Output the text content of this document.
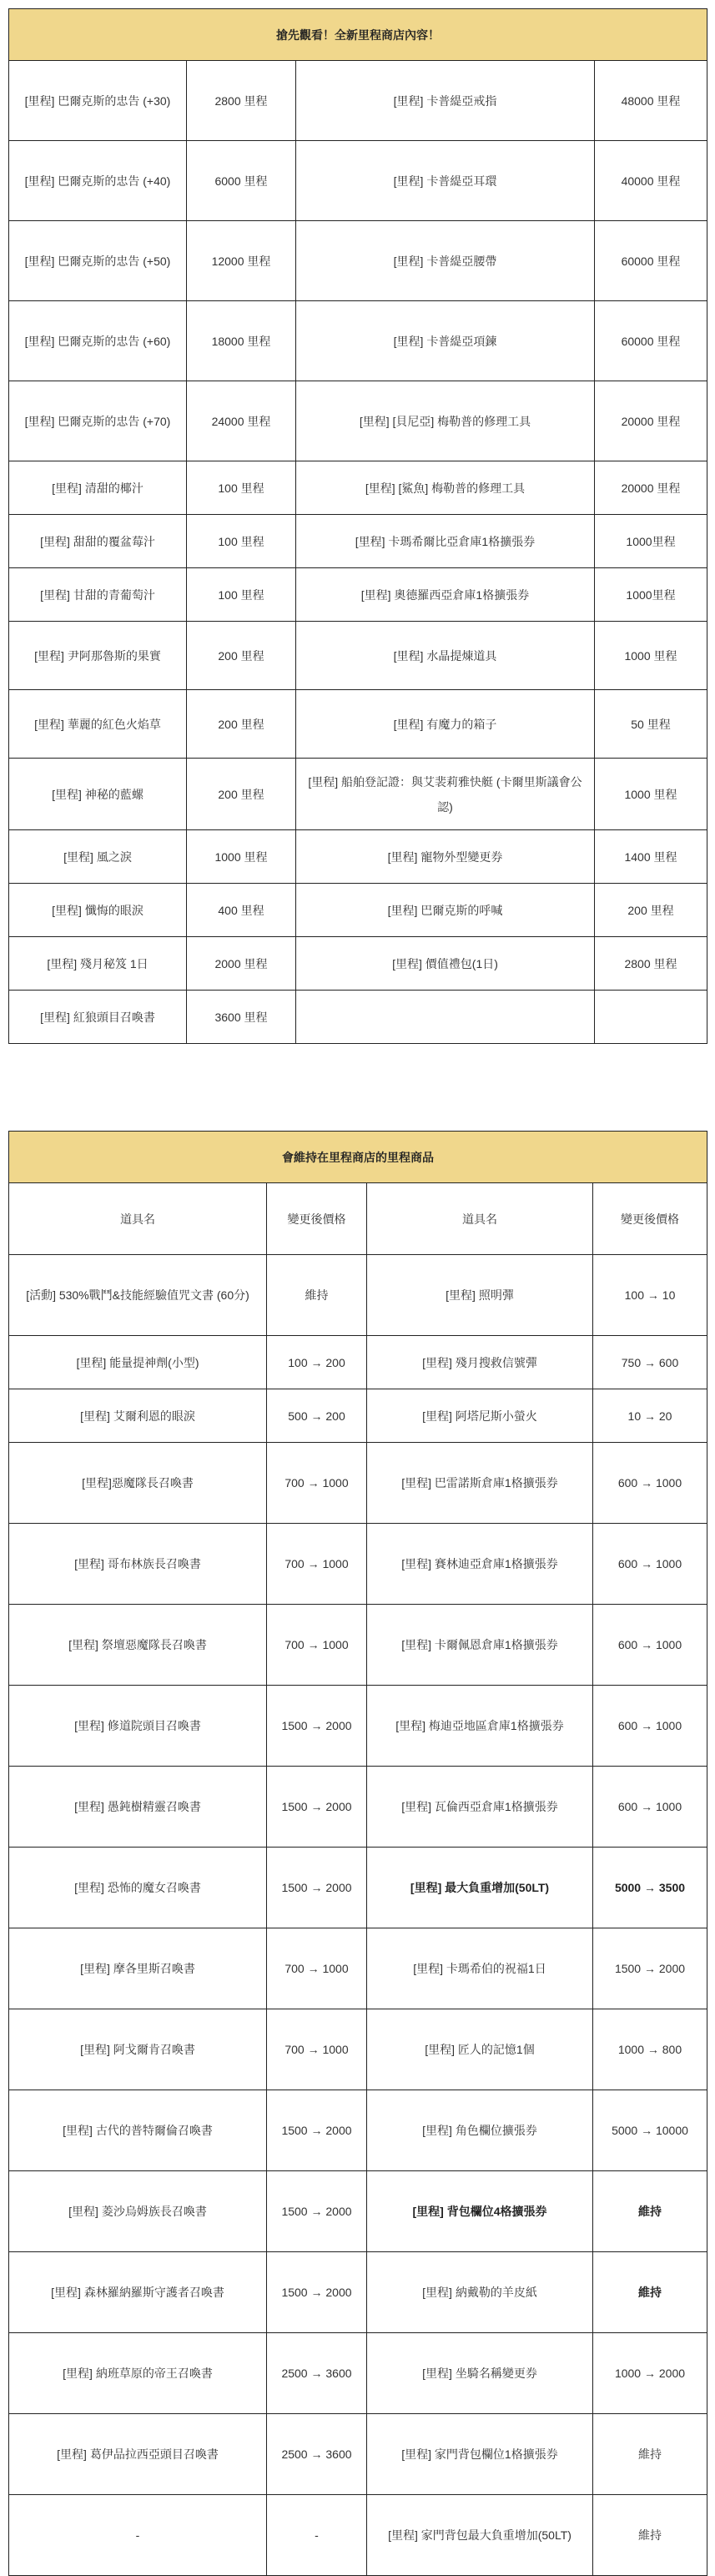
搶先觀看！全新里程商店內容！			
[里程] 巴爾克斯的忠告 (+30)	2800 里程	[里程] 卡普緹亞戒指	48000 里程
[里程] 巴爾克斯的忠告 (+40)	6000 里程	[里程] 卡普緹亞耳環	40000 里程
[里程] 巴爾克斯的忠告 (+50)	12000 里程	[里程] 卡普緹亞腰帶	60000 里程
[里程] 巴爾克斯的忠告 (+60)	18000 里程	[里程] 卡普緹亞項鍊	60000 里程
[里程] 巴爾克斯的忠告 (+70)	24000 里程	[里程] [貝尼亞] 梅勒普的修理工具	20000 里程
[里程] 清甜的椰汁	100 里程	[里程] [鯊魚] 梅勒普的修理工具	20000 里程
[里程] 甜甜的覆盆莓汁	100 里程	[里程] 卡瑪希爾比亞倉庫1格擴張券	1000里程
[里程] 甘甜的青葡萄汁	100 里程	[里程] 奧德羅西亞倉庫1格擴張券	1000里程
[里程] 尹阿那魯斯的果實	200 里程	[里程] 水晶提煉道具	1000 里程
[里程] 華麗的紅色火焰草	200 里程	[里程] 有魔力的箱子	50 里程
[里程] 神秘的藍螺	200 里程	[里程] 船舶登記證：與艾裴莉雅快艇 (卡爾里斯議會公認)	1000 里程
[里程] 風之淚	1000 里程	[里程] 寵物外型變更券	1400 里程
[里程] 懺悔的眼淚	400 里程	[里程] 巴爾克斯的呼喊	200 里程
[里程] 殘月秘笈 1日	2000 里程	[里程] 價值禮包(1日)	2800 里程
[里程] 紅狼頭目召喚書	3600 里程		
會維持在里程商店的里程商品			
道具名	變更後價格	道具名	變更後價格
[活動] 530%戰鬥&技能經驗值咒文書 (60分)	維持	[里程] 照明彈	100 → 10
[里程] 能量提神劑(小型)	100 → 200	[里程] 殘月搜救信號彈	750 → 600
[里程] 艾爾利恩的眼淚	500 → 200	[里程] 阿塔尼斯小螢火	10 → 20
[里程]惡魔隊長召喚書	700 → 1000	[里程] 巴雷諾斯倉庫1格擴張券	600 → 1000
[里程] 哥布林族長召喚書	700 → 1000	[里程] 賽林迪亞倉庫1格擴張券	600 → 1000
[里程] 祭壇惡魔隊長召喚書	700 → 1000	[里程] 卡爾佩恩倉庫1格擴張券	600 → 1000
[里程] 修道院頭目召喚書	1500 → 2000	[里程] 梅迪亞地區倉庫1格擴張券	600 → 1000
[里程] 愚鈍樹精靈召喚書	1500 → 2000	[里程] 瓦倫西亞倉庫1格擴張券	600 → 1000
[里程] 恐怖的魔女召喚書	1500 → 2000	[里程] 最大負重增加(50LT)	5000 → 3500
[里程] 摩各里斯召喚書	700 → 1000	[里程] 卡瑪希伯的祝福1日	1500 → 2000
[里程] 阿戈爾肯召喚書	700 → 1000	[里程] 匠人的記憶1個	1000 → 800
[里程] 古代的普特爾倫召喚書	1500 → 2000	[里程] 角色欄位擴張券	5000 → 10000
[里程] 菱沙烏姆族長召喚書	1500 → 2000	[里程] 背包欄位4格擴張券	維持
[里程] 森林羅納羅斯守護者召喚書	1500 → 2000	[里程] 納戴勒的羊皮紙	維持
[里程] 納班草原的帝王召喚書	2500 → 3600	[里程] 坐騎名稱變更券	1000 → 2000
[里程] 葛伊品拉西亞頭目召喚書	2500 → 3600	[里程] 家門背包欄位1格擴張券	維持
-	-	[里程] 家門背包最大負重增加(50LT)	維持
